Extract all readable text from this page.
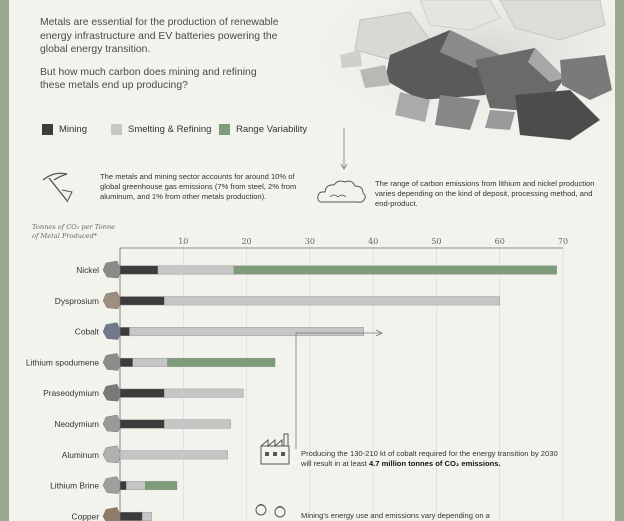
Metals are essential for the production of renewable energy infrastructure and EV batteries powering the global energy transition.

But how much carbon does mining and refining these metals end up producing?

Mining	Smelting & Refining	Range Variability
The metals and mining sector accounts for around 10% of global greenhouse gas emissions (7% from steel, 2% from aluminum, and 1% from other metals production).
The range of carbon emissions from lithium and nickel production varies depending on the kind of deposit, processing method, and end-product.
Tonnes of CO₂ per Tonne
of Metal Produced*
10	20	30	40	50	60	70
Nickel
Dysprosium
Cobalt
Lithium spodumene
Praseodymium
Neodymium
Aluminum
Lithium Brine
Copper
Producing the 130-210 kt of cobalt required for the energy transition by 2030 will result in at least 4.7 million tonnes of CO₂ emissions.
Mining's energy use and emissions vary depending on a
